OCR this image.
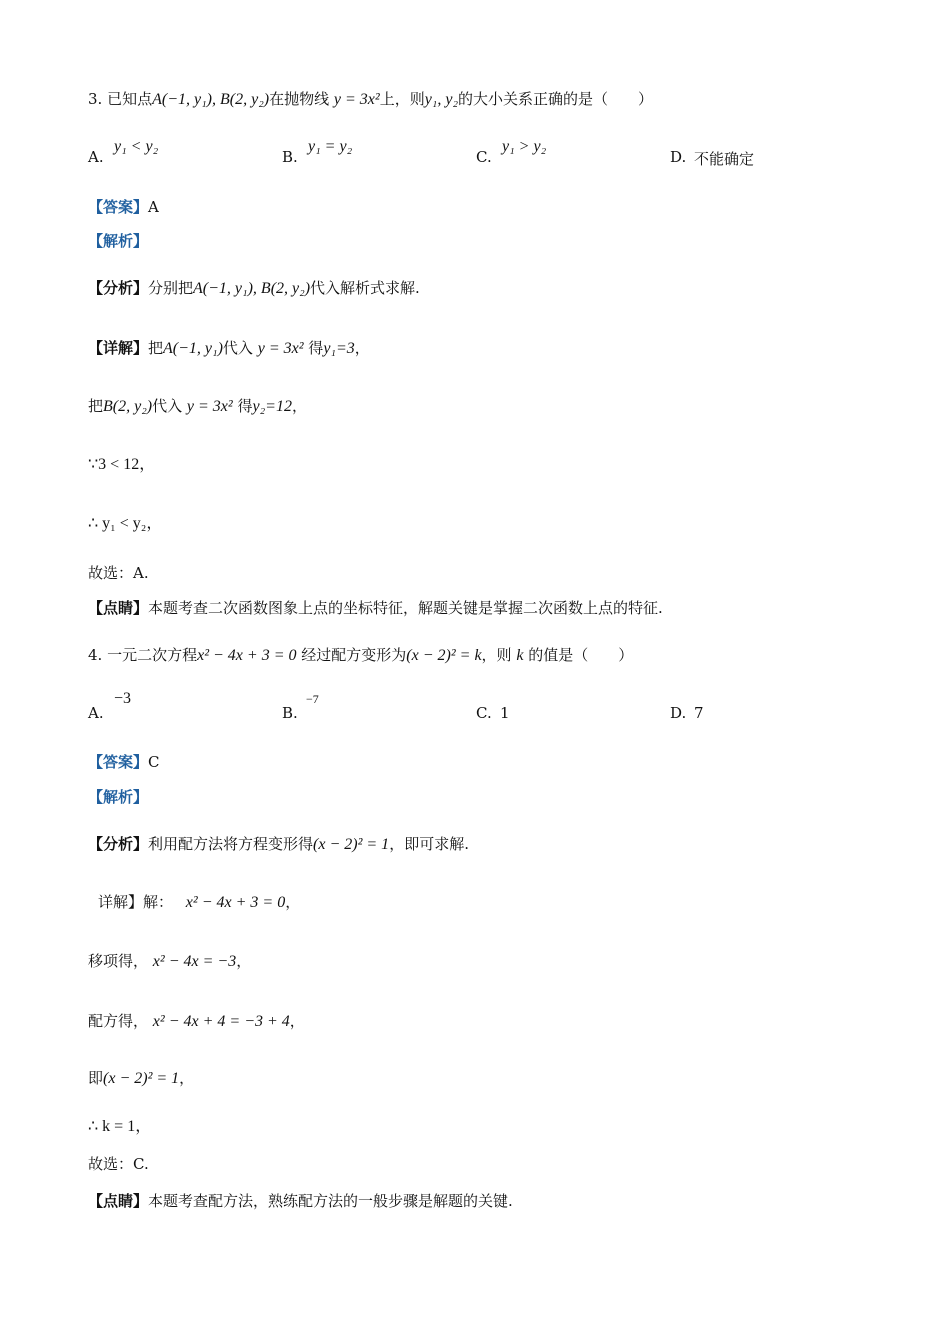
3. 已知点A(−1, y₁), B(2, y₂)在抛物线 y = 3x²上，则y₁, y₂的大小关系正确的是（　　）
A.
y₁ < y₂
B.
y₁ = y₂
C.
y₁ > y₂
D. 不能确定
【答案】A
【解析】
【分析】分别把A(−1, y₁), B(2, y₂)代入解析式求解.
【详解】把A(−1, y₁)代入 y = 3x² 得y₁=3，
把B(2, y₂)代入 y = 3x² 得y₂=12，
∵3 < 12，
∴ y₁ < y₂，
故选：A.
【点睛】本题考查二次函数图象上点的坐标特征，解题关键是掌握二次函数上点的特征.
4. 一元二次方程x² − 4x + 3 = 0 经过配方变形为(x − 2)² = k，则 k 的值是（　　）
A.
−3
B.
−7
C. 1	D. 7
【答案】C
【解析】
【分析】利用配方法将方程变形得(x − 2)² = 1，即可求解.
详解】解： x² − 4x + 3 = 0，
移项得， x² − 4x = −3，
配方得， x² − 4x + 4 = −3 + 4，
即(x − 2)² = 1，
∴ k = 1，
故选：C.
【点睛】本题考查配方法，熟练配方法的一般步骤是解题的关键.
